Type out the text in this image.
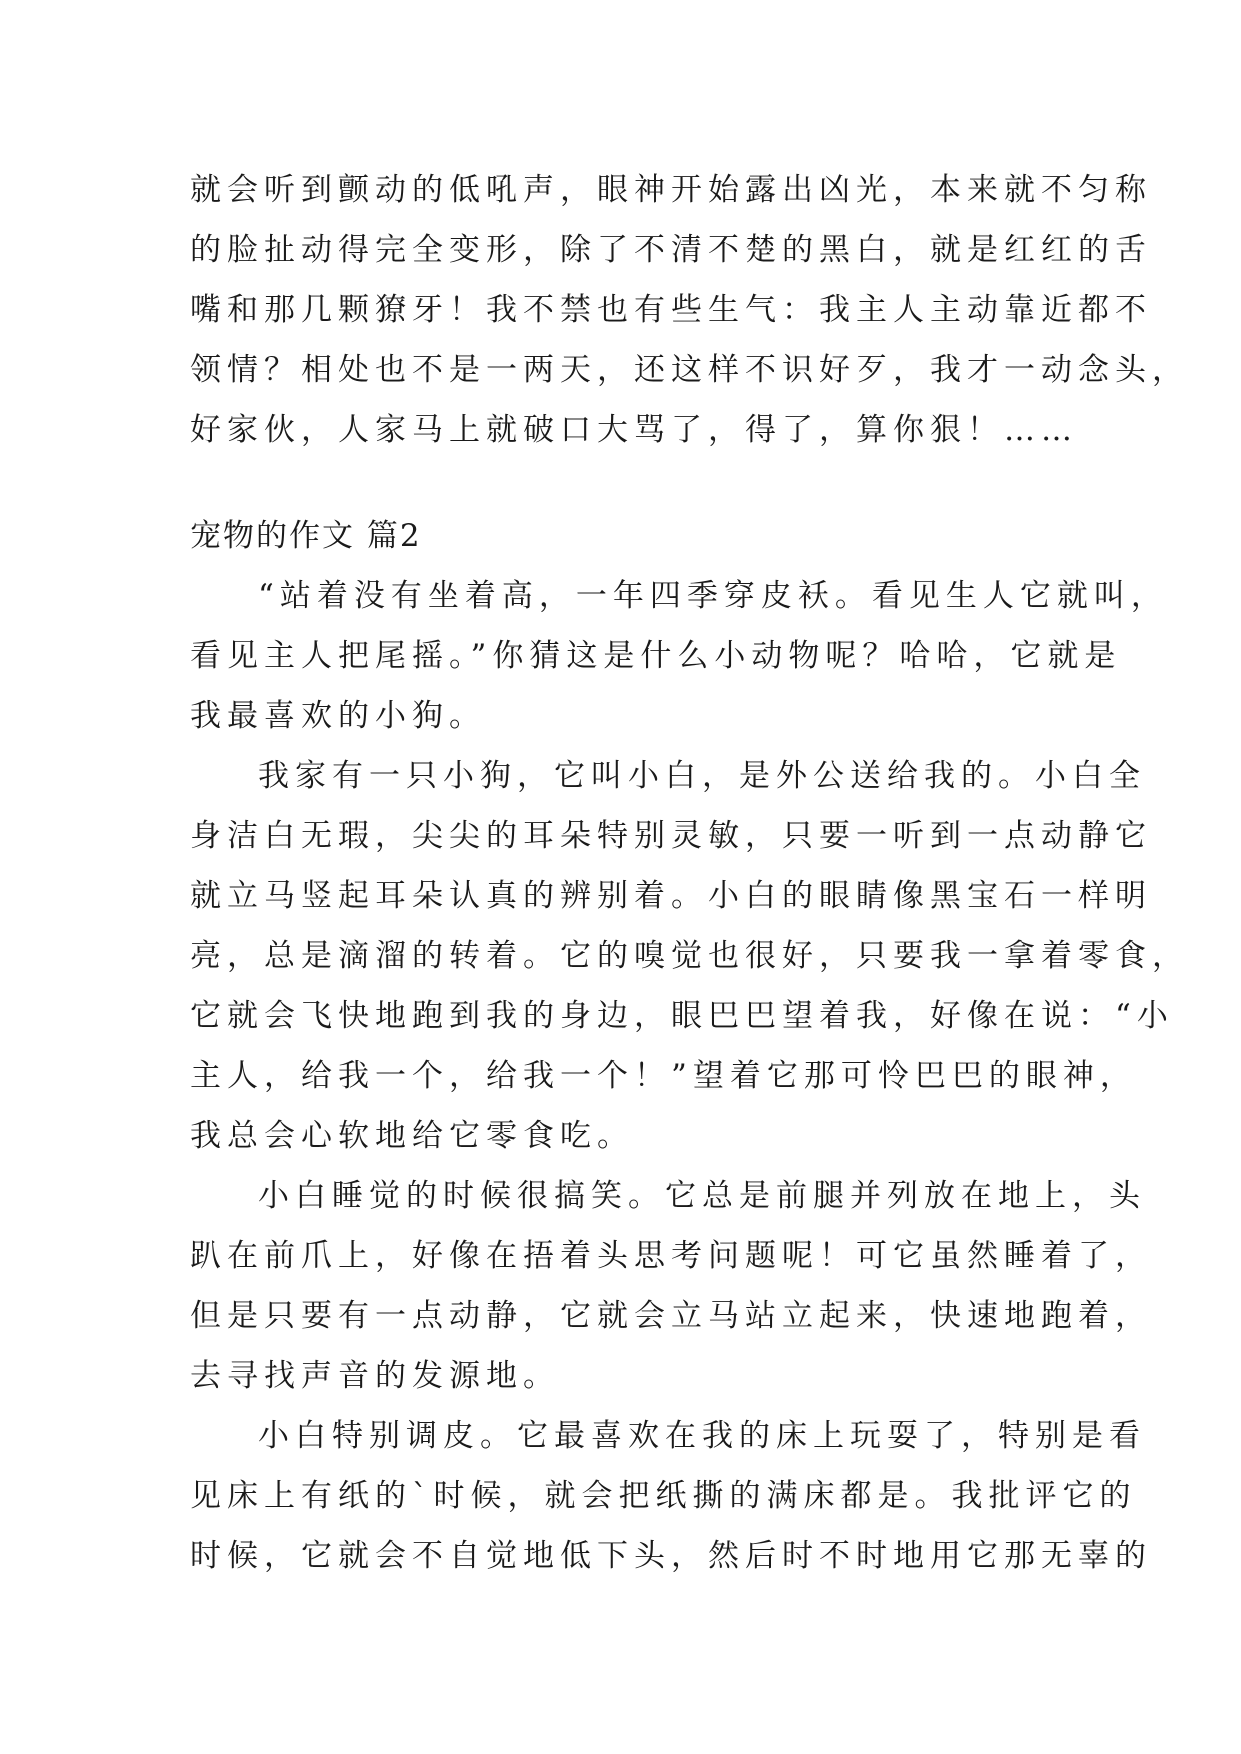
就会听到颤动的低吼声，眼神开始露出凶光，本来就不匀称
的脸扯动得完全变形，除了不清不楚的黑白，就是红红的舌
嘴和那几颗獠牙！我不禁也有些生气：我主人主动靠近都不
领情？相处也不是一两天，还这样不识好歹，我才一动念头，
好家伙，人家马上就破口大骂了，得了，算你狠！……
宠物的作文 篇2
“站着没有坐着高，一年四季穿皮袄。看见生人它就叫，
看见主人把尾摇。”你猜这是什么小动物呢？哈哈，它就是
我最喜欢的小狗。
我家有一只小狗，它叫小白，是外公送给我的。小白全
身洁白无瑕，尖尖的耳朵特别灵敏，只要一听到一点动静它
就立马竖起耳朵认真的辨别着。小白的眼睛像黑宝石一样明
亮，总是滴溜的转着。它的嗅觉也很好，只要我一拿着零食，
它就会飞快地跑到我的身边，眼巴巴望着我，好像在说：“小
主人，给我一个，给我一个！”望着它那可怜巴巴的眼神，
我总会心软地给它零食吃。
小白睡觉的时候很搞笑。它总是前腿并列放在地上，头
趴在前爪上，好像在捂着头思考问题呢！可它虽然睡着了，
但是只要有一点动静，它就会立马站立起来，快速地跑着，
去寻找声音的发源地。
小白特别调皮。它最喜欢在我的床上玩耍了，特别是看
见床上有纸的`时候，就会把纸撕的满床都是。我批评它的
时候，它就会不自觉地低下头，然后时不时地用它那无辜的
